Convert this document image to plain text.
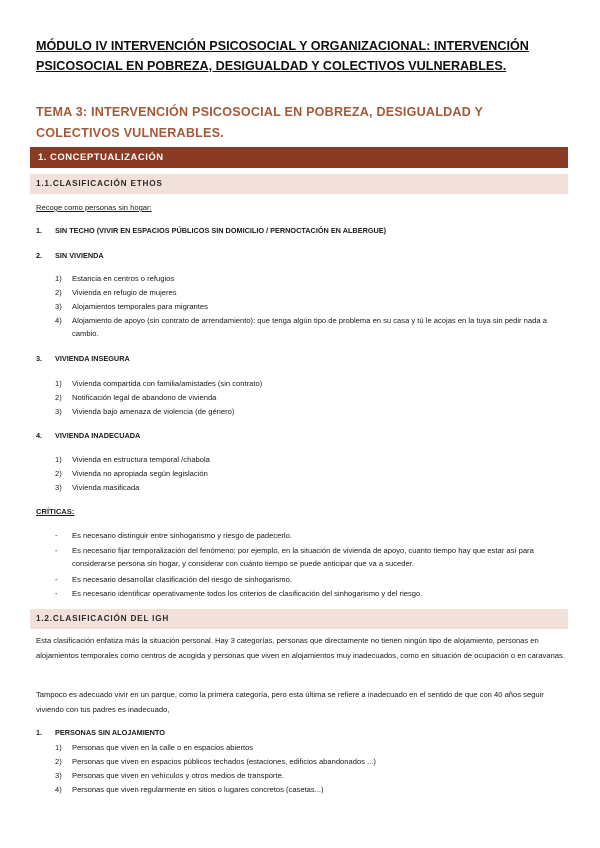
MÓDULO IV INTERVENCIÓN PSICOSOCIAL Y ORGANIZACIONAL: INTERVENCIÓN PSICOSOCIAL EN POBREZA, DESIGUALDAD Y COLECTIVOS VULNERABLES.
TEMA 3: INTERVENCIÓN PSICOSOCIAL EN POBREZA, DESIGUALDAD Y COLECTIVOS VULNERABLES.
1. CONCEPTUALIZACIÓN
1.1.CLASIFICACIÓN ETHOS
Recoge como personas sin hogar:
1. SIN TECHO (VIVIR EN ESPACIOS PÚBLICOS SIN DOMICILIO / PERNOCTACIÓN EN ALBERGUE)
2. SIN VIVIENDA
1) Estancia en centros o refugios
2) Vivienda en refugio de mujeres
3) Alojamientos temporales para migrantes
4) Alojamiento de apoyo (sin contrato de arrendamiento): que tenga algún tipo de problema en su casa y tú le acojas en la tuya sin pedir nada a cambio.
3. VIVIENDA INSEGURA
1) Vivienda compartida con familia/amistades (sin contrato)
2) Notificación legal de abandono de vivienda
3) Vivienda bajo amenaza de violencia (de género)
4. VIVIENDA INADECUADA
1) Vivienda en estructura temporal /chabola
2) Vivienda no apropiada según legislación
3) Vivienda masificada
CRÍTICAS:
- Es necesario distinguir entre sinhogarismo y riesgo de padecerlo.
- Es necesario fijar temporalización del fenómeno: por ejemplo, en la situación de vivienda de apoyo, cuanto tiempo hay que estar así para considerarse persona sin hogar, y considerar con cuánto tiempo se puede anticipar que va a suceder.
- Es necesario desarrollar clasificación del riesgo de sinhogarismo.
- Es necesario identificar operativamente todos los criterios de clasificación del sinhogarismo y del riesgo.
1.2.CLASIFICACIÓN DEL IGH
Esta clasificación enfatiza más la situación personal. Hay 3 categorías, personas que directamente no tienen ningún tipo de alojamiento, personas en alojamientos temporales como centros de acogida y personas que viven en alojamientos muy inadecuados, como en situación de ocupación o en caravanas.
Tampoco es adecuado vivir en un parque, como la primera categoría, pero esta última se refiere a inadecuado en el sentido de que con 40 años seguir viviendo con tus padres es inadecuado,
1. PERSONAS SIN ALOJAMIENTO
1) Personas que viven en la calle o en espacios abiertos
2) Personas que viven en espacios públicos techados (estaciones, edificios abandonados ...)
3) Personas que viven en vehículos y otros medios de transporte.
4) Personas que viven regularmente en sitios o lugares concretos (casetas...)
